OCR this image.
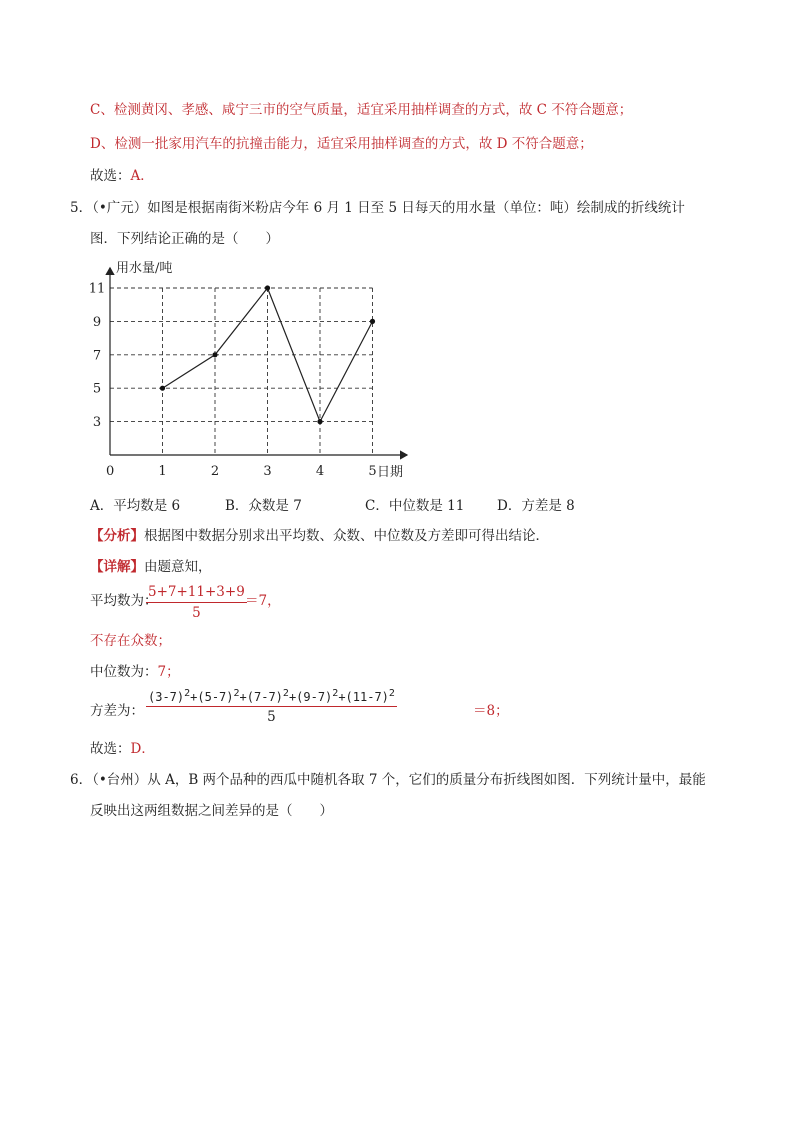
C、检测黄冈、孝感、咸宁三市的空气质量，适宜采用抽样调查的方式，故 C 不符合题意；
D、检测一批家用汽车的抗撞击能力，适宜采用抽样调查的方式，故 D 不符合题意；
故选：A．
5．（•广元）如图是根据南街米粉店今年 6 月 1 日至 5 日每天的用水量（单位：吨）绘制成的折线统计
图．下列结论正确的是（　　）
用水量/吨
日期
0	1	2	3	4	5
3
5
7
9
11
A．平均数是 6	B．众数是 7	C．中位数是 11 D．方差是 8
【分析】根据图中数据分别求出平均数、众数、中位数及方差即可得出结论．
【详解】由题意知，
平均数为：
$\frac{5+7+11+3+9}{5}$
＝7，
不存在众数；
中位数为：7；
方差为： $\frac{(3-7)^2+(5-7)^2+(7-7)^2+(9-7)^2+(11-7)^2}{5}$	＝8；
故选：D．
6．（•台州）从 A，B 两个品种的西瓜中随机各取 7 个，它们的质量分布折线图如图．下列统计量中，最能
反映出这两组数据之间差异的是（　　）
